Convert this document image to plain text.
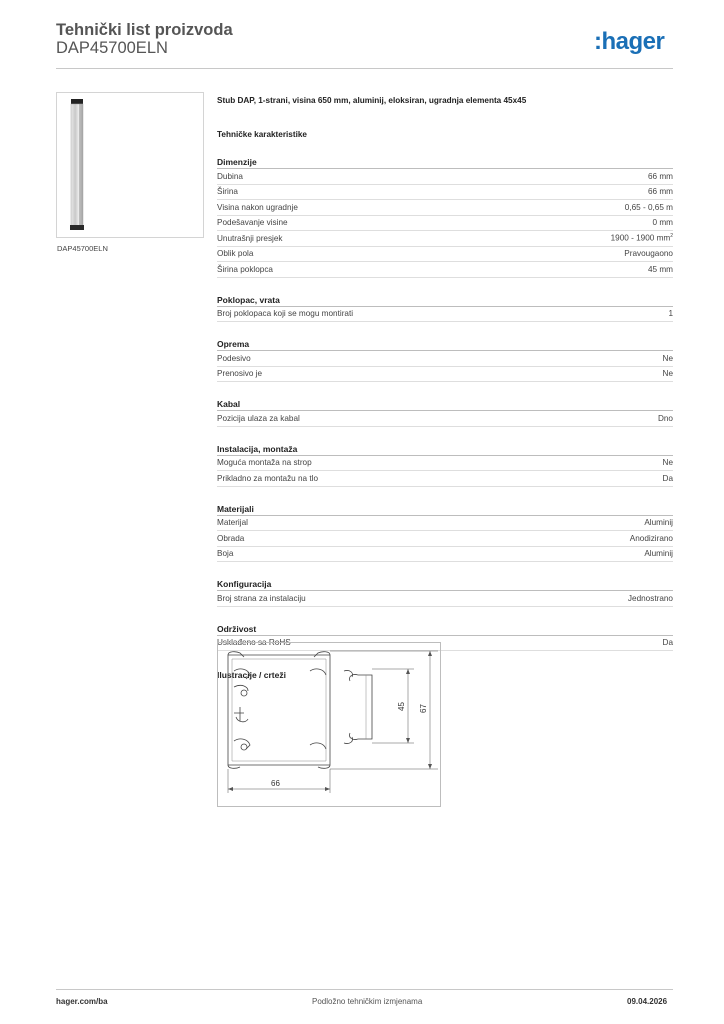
Tehnički list proizvoda
DAP45700ELN	:hager
DAP45700ELN
Stub DAP, 1-strani, visina 650 mm, aluminij, eloksiran, ugradnja elementa 45x45
Tehničke karakteristike
Dimenzije
Dubina	66 mm
Širina	66 mm
Visina nakon ugradnje	0,65 - 0,65 m
Podešavanje visine	0 mm
Unutrašnji presjek	1900 - 1900 $mm^2$
Oblik pola	Pravougaono
Širina poklopca	45 mm
Poklopac, vrata
Broj poklopaca koji se mogu montirati	1
Oprema
Podesivo	Ne
Prenosivo je	Ne
Kabal
Pozicija ulaza za kabal	Dno
Instalacija, montaža
Moguća montaža na strop	Ne
Prikladno za montažu na tlo	Da
Materijali
Materijal	Aluminij
Obrada	Anodizirano
Boja	Aluminij
Konfiguracija
Broj strana za instalaciju	Jednostrano
Održivost
Usklađeno sa RoHS	Da
Ilustracije / crteži
66
45 67
hager.com/ba	Podložno tehničkim izmjenama	09.04.2026
